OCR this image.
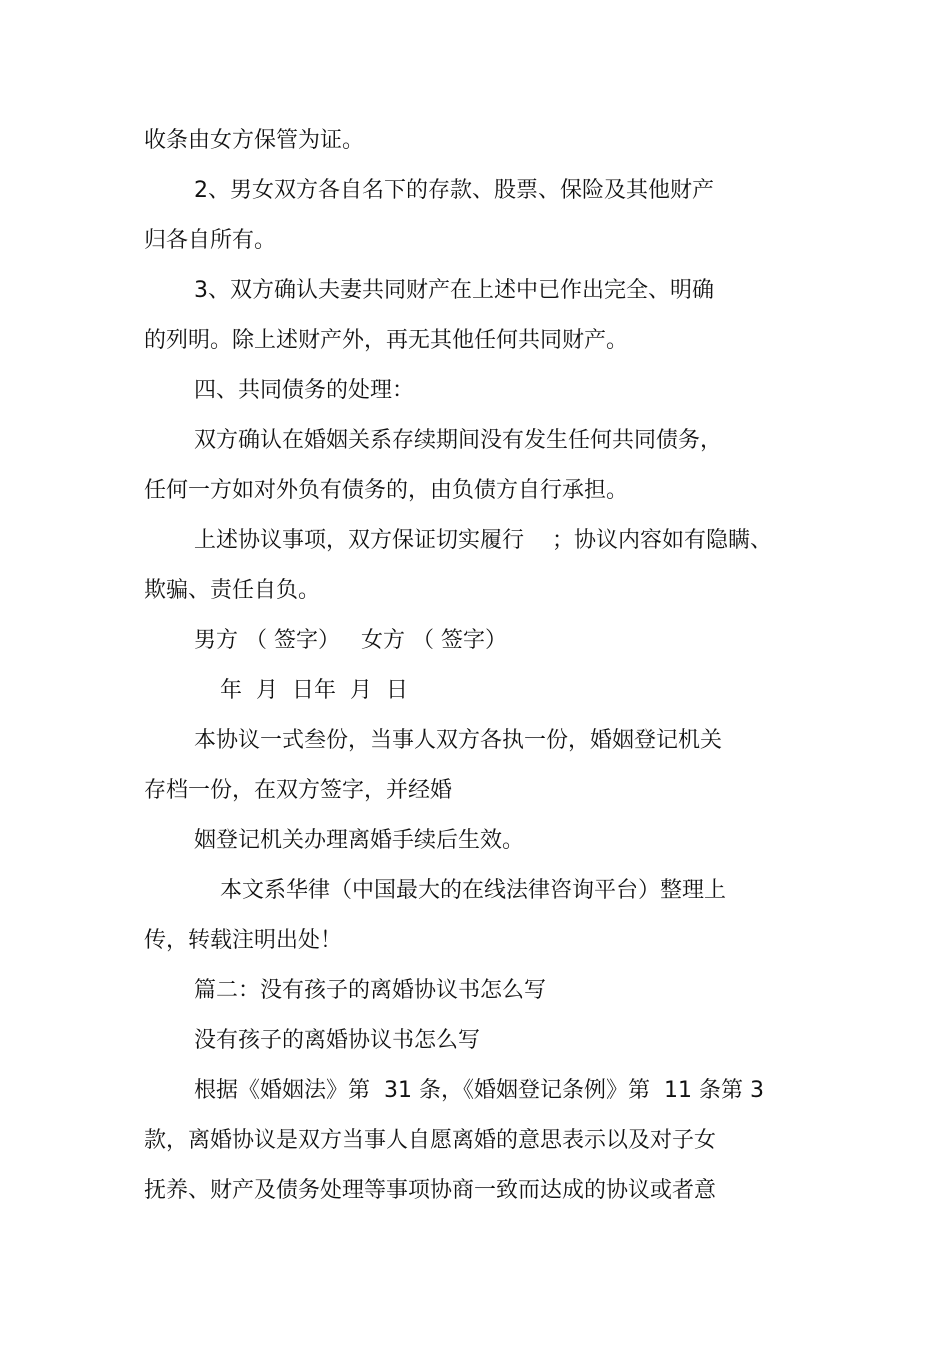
收条由女方保管为证。
2、男女双方各自名下的存款、股票、保险及其他财产
归各自所有。
3、双方确认夫妻共同财产在上述中已作出完全、明确
的列明。除上述财产外，再无其他任何共同财产。
四、共同债务的处理：
双方确认在婚姻关系存续期间没有发生任何共同债务，
任何一方如对外负有债务的，由负债方自行承担。
上述协议事项，双方保证切实履行    ；协议内容如有隐瞒、
欺骗、责任自负。
男方 （ 签字）   女方 （ 签字）
年  月  日年  月  日
本协议一式叁份，当事人双方各执一份，婚姻登记机关
存档一份，在双方签字，并经婚
姻登记机关办理离婚手续后生效。
本文系华律（中国最大的在线法律咨询平台）整理上
传，转载注明出处！
篇二：没有孩子的离婚协议书怎么写
没有孩子的离婚协议书怎么写
根据《婚姻法》第  31 条，《婚姻登记条例》第  11 条第 3
款，离婚协议是双方当事人自愿离婚的意思表示以及对子女
抚养、财产及债务处理等事项协商一致而达成的协议或者意
